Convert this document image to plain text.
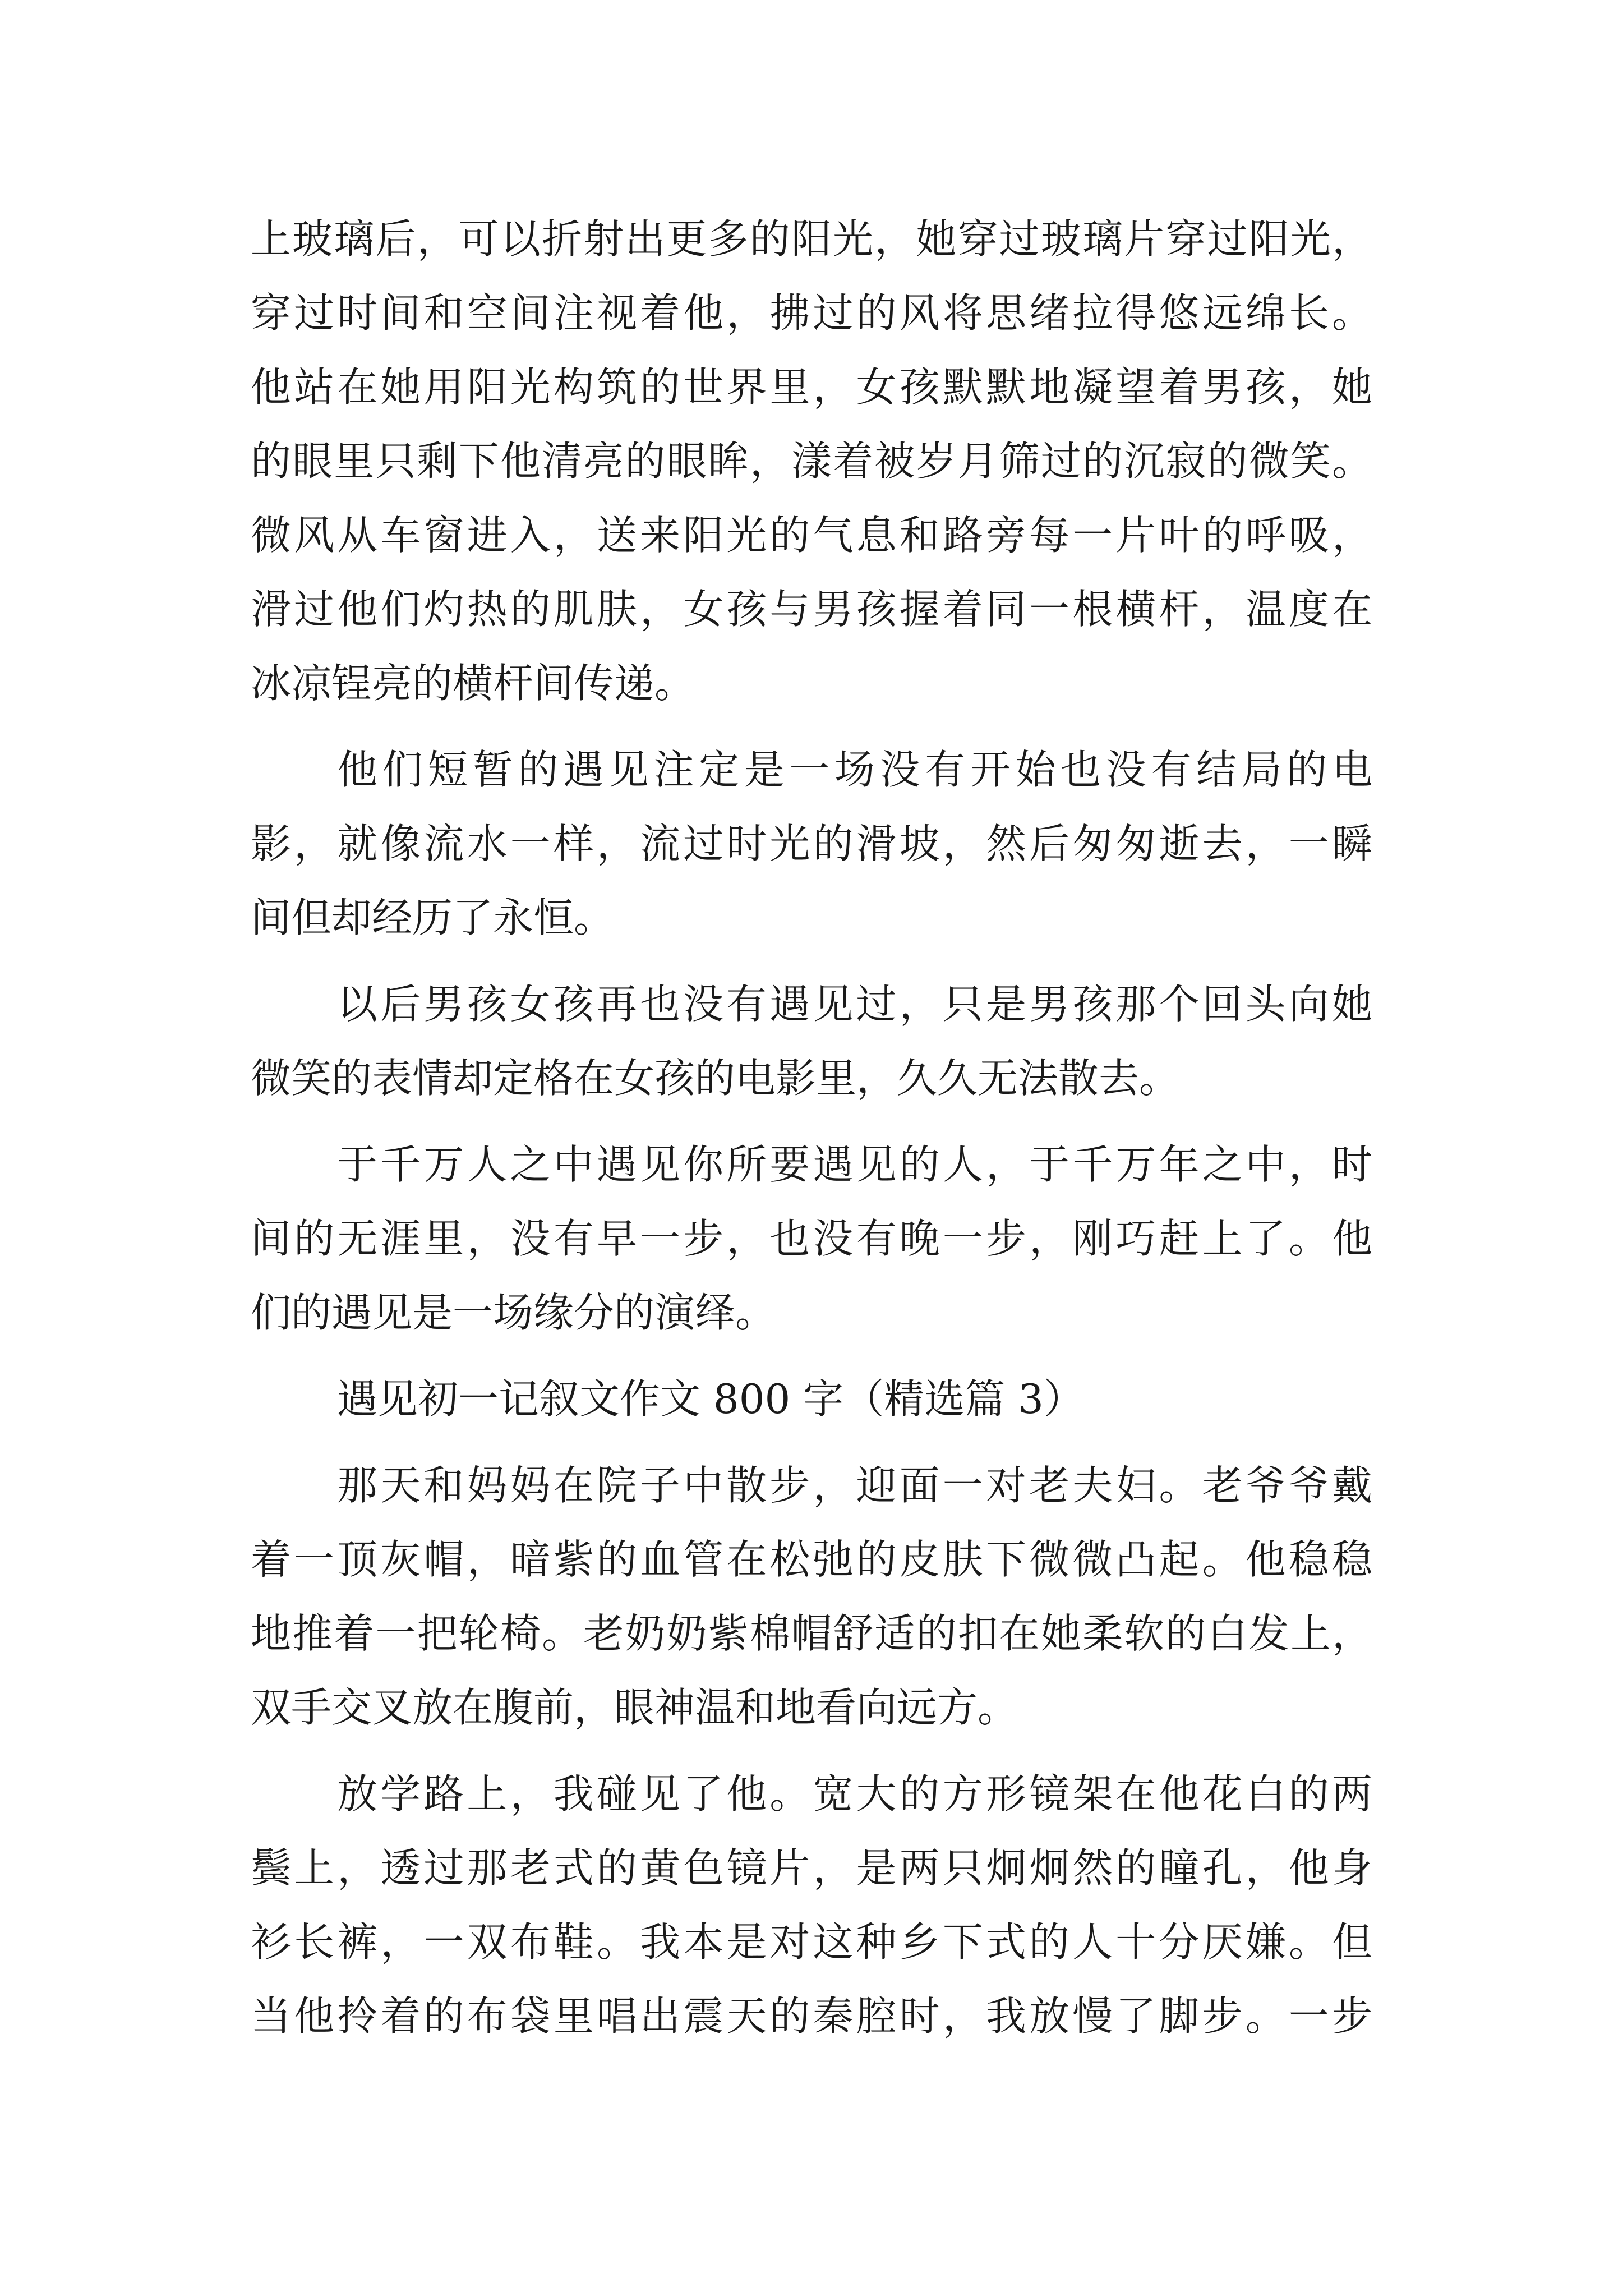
上玻璃后，可以折射出更多的阳光，她穿过玻璃片穿过阳光，

穿过时间和空间注视着他，拂过的风将思绪拉得悠远绵长。

他站在她用阳光构筑的世界里，女孩默默地凝望着男孩，她

的眼里只剩下他清亮的眼眸，漾着被岁月筛过的沉寂的微笑。

微风从车窗进入，送来阳光的气息和路旁每一片叶的呼吸，

滑过他们灼热的肌肤，女孩与男孩握着同一根横杆，温度在

冰凉锃亮的横杆间传递。

他们短暂的遇见注定是一场没有开始也没有结局的电

影，就像流水一样，流过时光的滑坡，然后匆匆逝去，一瞬

间但却经历了永恒。

以后男孩女孩再也没有遇见过，只是男孩那个回头向她

微笑的表情却定格在女孩的电影里，久久无法散去。

于千万人之中遇见你所要遇见的人，于千万年之中，时

间的无涯里，没有早一步，也没有晚一步，刚巧赶上了。他

们的遇见是一场缘分的演绎。

遇见初一记叙文作文 800 字（精选篇 3）

那天和妈妈在院子中散步，迎面一对老夫妇。老爷爷戴

着一顶灰帽，暗紫的血管在松弛的皮肤下微微凸起。他稳稳

地推着一把轮椅。老奶奶紫棉帽舒适的扣在她柔软的白发上，

双手交叉放在腹前，眼神温和地看向远方。

放学路上，我碰见了他。宽大的方形镜架在他花白的两

鬓上，透过那老式的黄色镜片，是两只炯炯然的瞳孔，他身

衫长裤，一双布鞋。我本是对这种乡下式的人十分厌嫌。但

当他拎着的布袋里唱出震天的秦腔时，我放慢了脚步。一步
